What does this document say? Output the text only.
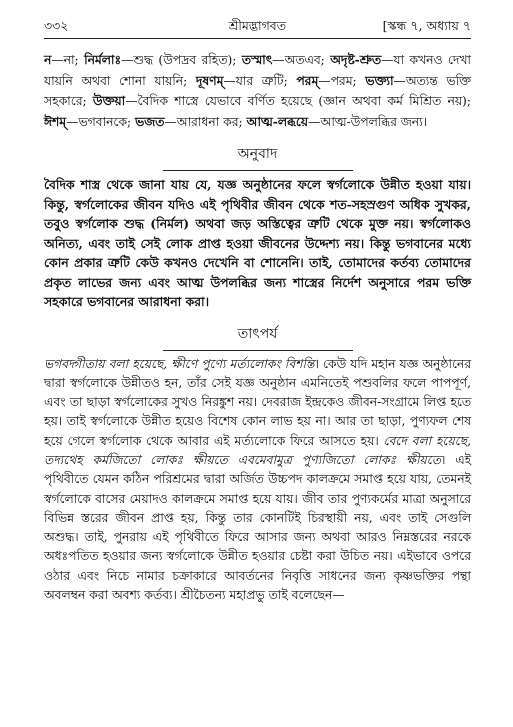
৩৩২	শ্রীমদ্ভাগবত	[স্কন্ধ ৭, অধ্যায় ৭
ন—না; নির্মলাঃ—শুদ্ধ (উপদ্রব রহিত); তস্মাৎ—অতএব; অদৃষ্ট-শ্রুত—যা কখনও দেখা যায়নি অথবা শোনা যায়নি; দূষণম্—যার ত্রুটি; পরম্—পরম; ভক্ত্যা—অত্যন্ত ভক্তি সহকারে; উক্তয়া—বৈদিক শাস্ত্রে যেভাবে বর্ণিত হয়েছে (জ্ঞান অথবা কর্ম মিশ্রিত নয়); ঈশম্—ভগবানকে; ভজত—আরাধনা কর; আত্ম-লব্ধয়ে—আত্ম-উপলব্ধির জন্য।
অনুবাদ

বৈদিক শাস্ত্র থেকে জানা যায় যে, যজ্ঞ অনুষ্ঠানের ফলে স্বর্গলোকে উন্নীত হওয়া যায়। কিন্তু, স্বর্গলোকের জীবন যদিও এই পৃথিবীর জীবন থেকে শত-সহস্রগুণ অধিক সুখকর, তবুও স্বর্গলোক শুদ্ধ (নির্মল) অথবা জড় অস্তিত্বের ত্রুটি থেকে মুক্ত নয়। স্বর্গলোকও অনিত্য, এবং তাই সেই লোক প্রাপ্ত হওয়া জীবনের উদ্দেশ্য নয়। কিন্তু ভগবানের মধ্যে কোন প্রকার ত্রুটি কেউ কখনও দেখেনি বা শোনেনি। তাই, তোমাদের কর্তব্য তোমাদের প্রকৃত লাভের জন্য এবং আত্ম উপলব্ধির জন্য শাস্ত্রের নির্দেশ অনুসারে পরম ভক্তি সহকারে ভগবানের আরাধনা করা।

তাৎপর্য

ভগবদ্গীতায় বলা হয়েছে, ক্ষীণে পুণ্যে মর্ত্যলোকং বিশন্তি। কেউ যদি মহান যজ্ঞ অনুষ্ঠানের দ্বারা স্বর্গলোকে উন্নীতও হন, তাঁর সেই যজ্ঞ অনুষ্ঠান এমনিতেই পশুবলির ফলে পাপপূর্ণ, এবং তা ছাড়া স্বর্গলোকের সুখও নিরঙ্কুশ নয়। দেবরাজ ইন্দ্রকেও জীবন-সংগ্রামে লিপ্ত হতে হয়। তাই স্বর্গলোকে উন্নীত হয়েও বিশেষ কোন লাভ হয় না। আর তা ছাড়া, পুণ্যফল শেষ হয়ে গেলে স্বর্গলোক থেকে আবার এই মর্ত্যলোকে ফিরে আসতে হয়। বেদে বলা হয়েছে, তদ্যথেহ কর্মজিতো লোকঃ ক্ষীয়তে এবমেবামুত্র পুণ্যজিতো লোকঃ ক্ষীয়তে। এই পৃথিবীতে যেমন কঠিন পরিশ্রমের দ্বারা অর্জিত উচ্চপদ কালক্রমে সমাপ্ত হয়ে যায়, তেমনই স্বর্গলোকে বাসের মেয়াদও কালক্রমে সমাপ্ত হয়ে যায়। জীব তার পুণ্যকর্মের মাত্রা অনুসারে বিভিন্ন স্তরের জীবন প্রাপ্ত হয়, কিন্তু তার কোনটিই চিরস্থায়ী নয়, এবং তাই সেগুলি অশুদ্ধ। তাই, পুনরায় এই পৃথিবীতে ফিরে আসার জন্য অথবা আরও নিম্নস্তরের নরকে অধঃপতিত হওয়ার জন্য স্বর্গলোকে উন্নীত হওয়ার চেষ্টা করা উচিত নয়। এইভাবে ওপরে ওঠার এবং নিচে নামার চক্রাকারে আবর্তনের নিবৃত্তি সাধনের জন্য কৃষ্ণভক্তির পন্থা অবলম্বন করা অবশ্য কর্তব্য। শ্রীচৈতন্য মহাপ্রভু তাই বলেছেন—
